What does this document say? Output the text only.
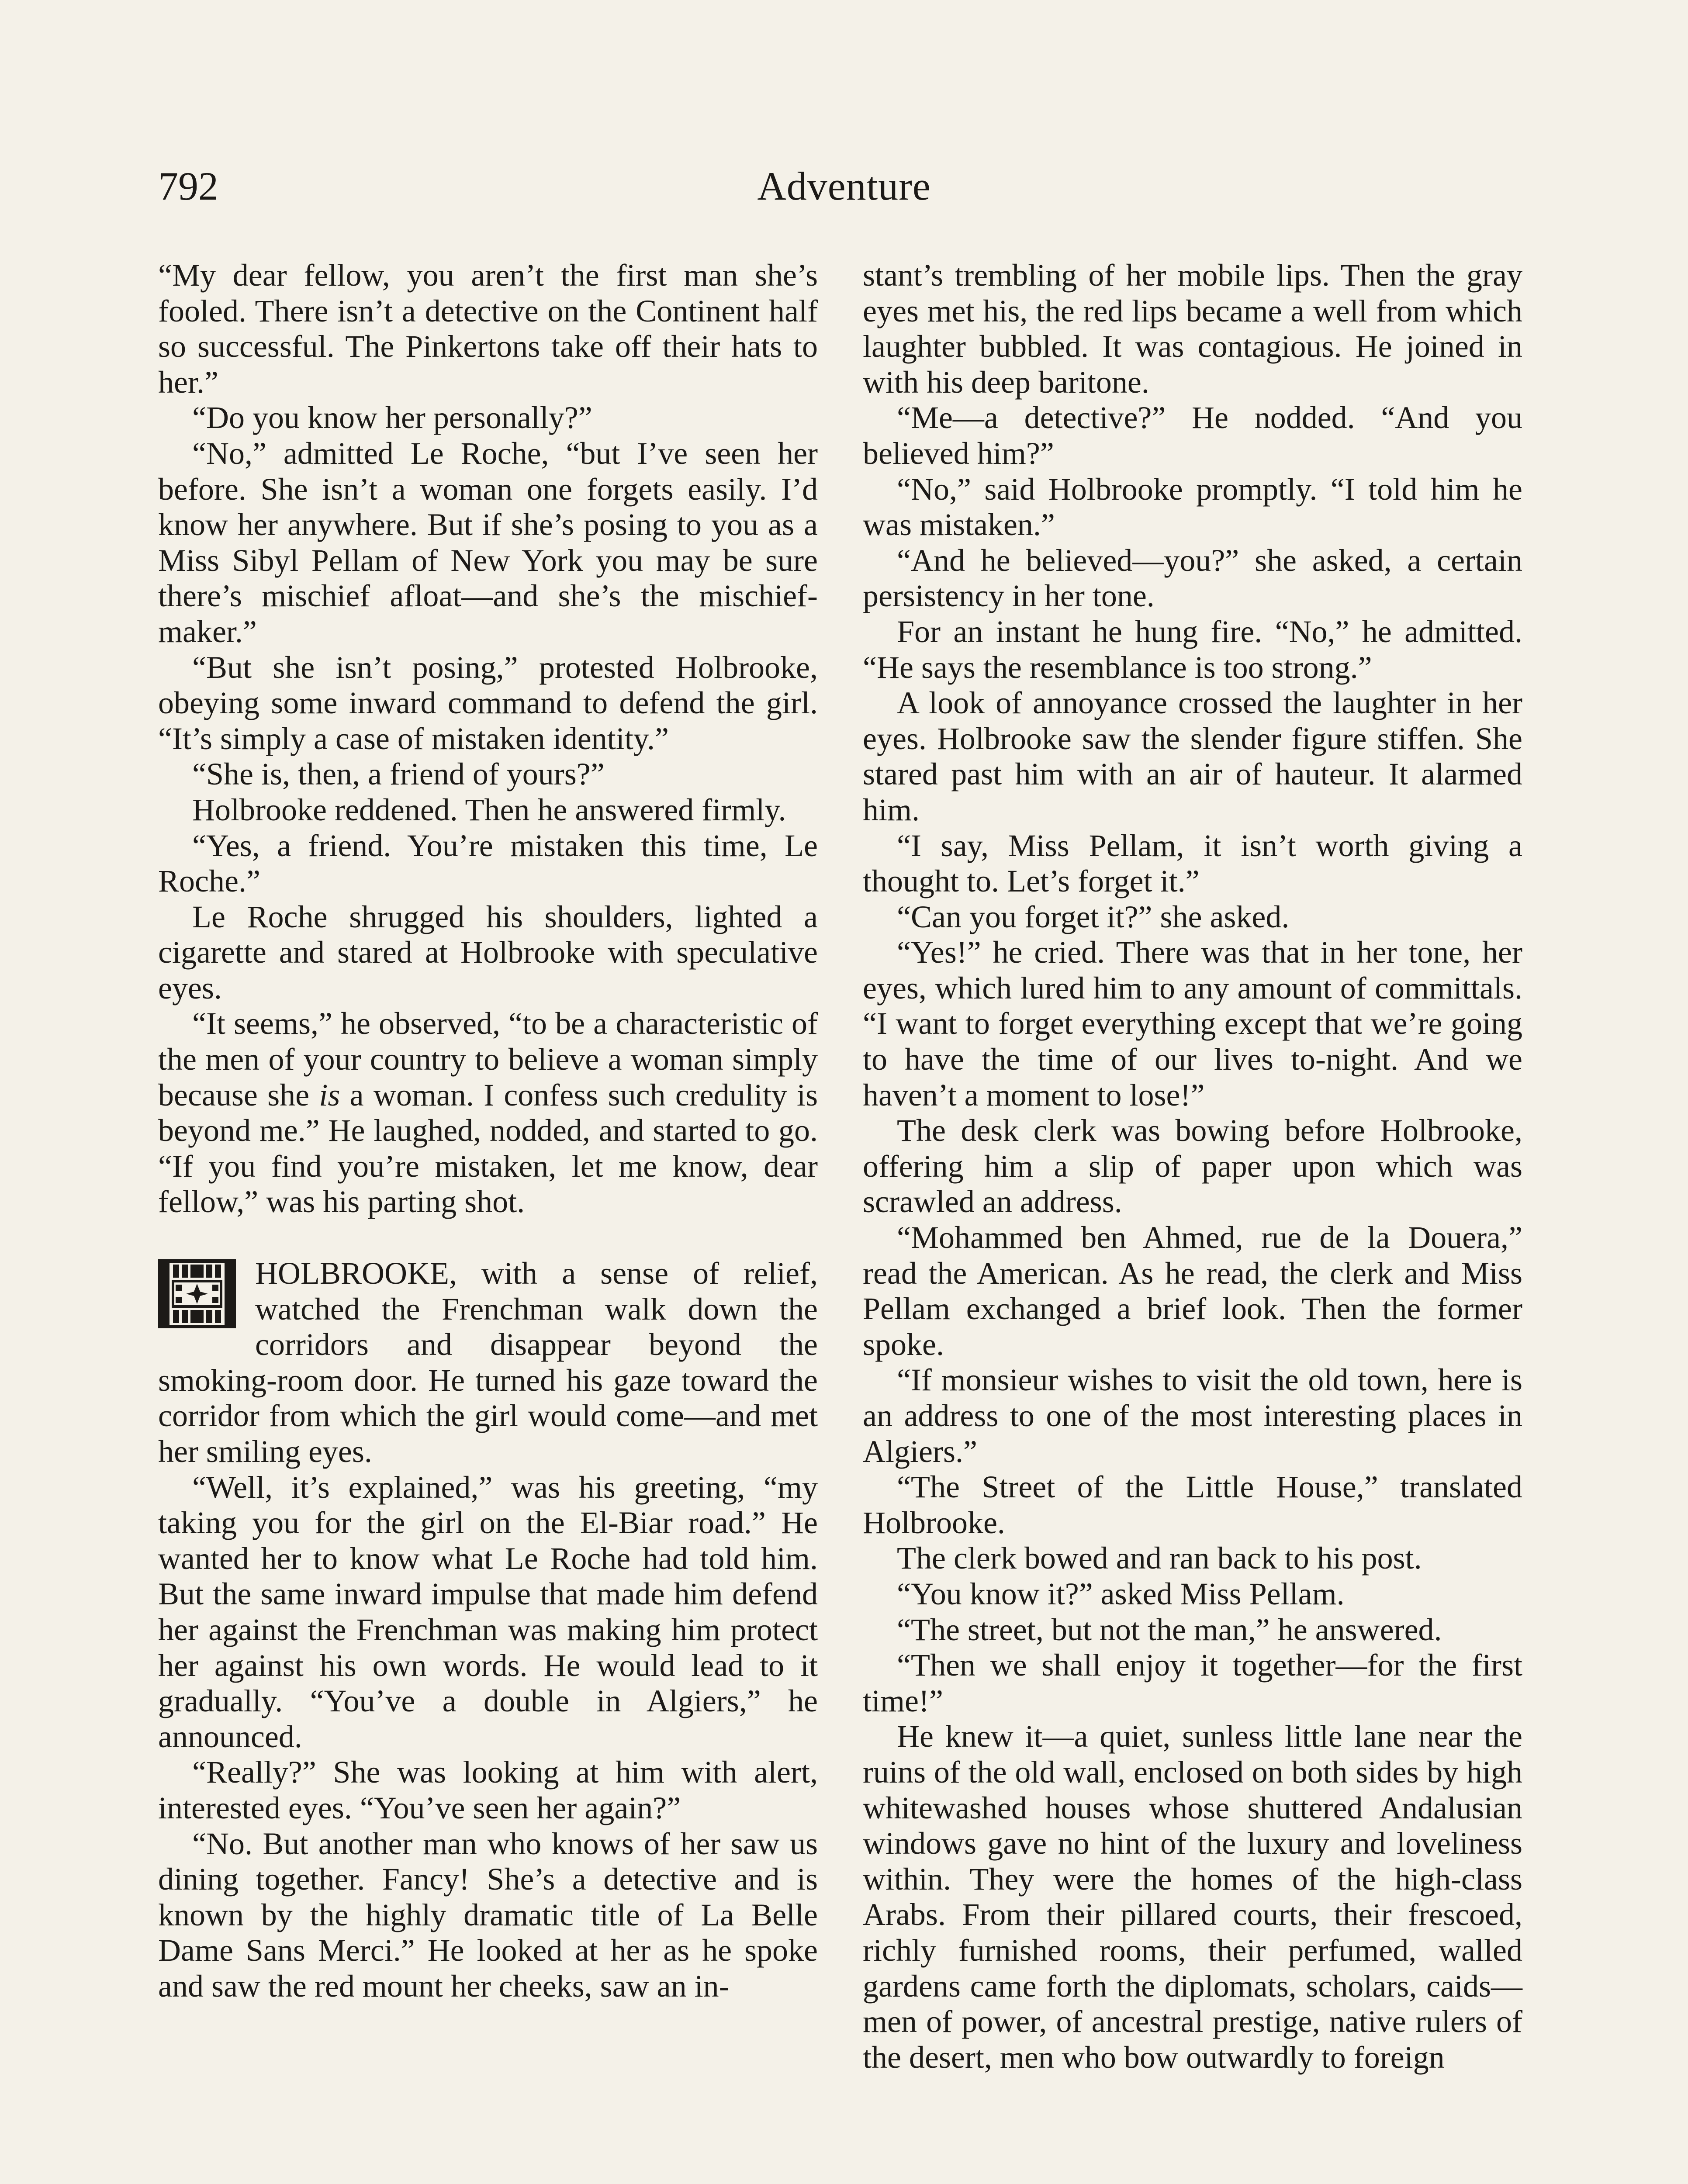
792	Adventure

“My dear fellow, you aren’t the first man she’s fooled. There isn’t a detective on the Continent half so successful. The Pinkertons take off their hats to her.”

“Do you know her personally?”

“No,” admitted Le Roche, “but I’ve seen her before. She isn’t a woman one forgets easily. I’d know her anywhere. But if she’s posing to you as a Miss Sibyl Pellam of New York you may be sure there’s mischief afloat—and she’s the mischief-maker.”

“But she isn’t posing,” protested Holbrooke, obeying some inward command to defend the girl. “It’s simply a case of mistaken identity.”

“She is, then, a friend of yours?”

Holbrooke reddened. Then he answered firmly.

“Yes, a friend. You’re mistaken this time, Le Roche.”

Le Roche shrugged his shoulders, lighted a cigarette and stared at Holbrooke with speculative eyes.

“It seems,” he observed, “to be a characteristic of the men of your country to believe a woman simply because she is a woman. I confess such credulity is beyond me.” He laughed, nodded, and started to go. “If you find you’re mistaken, let me know, dear fellow,” was his parting shot.

HOLBROOKE, with a sense of relief, watched the Frenchman walk down the corridors and disappear beyond the smoking-room door. He turned his gaze toward the corridor from which the girl would come—and met her smiling eyes.

“Well, it’s explained,” was his greeting, “my taking you for the girl on the El-Biar road.” He wanted her to know what Le Roche had told him. But the same inward impulse that made him defend her against the Frenchman was making him protect her against his own words. He would lead to it gradually. “You’ve a double in Algiers,” he announced.

“Really?” She was looking at him with alert, interested eyes. “You’ve seen her again?”

“No. But another man who knows of her saw us dining together. Fancy! She’s a detective and is known by the highly dramatic title of La Belle Dame Sans Merci.” He looked at her as he spoke and saw the red mount her cheeks, saw an in-

stant’s trembling of her mobile lips. Then the gray eyes met his, the red lips became a well from which laughter bubbled. It was contagious. He joined in with his deep baritone.

“Me—a detective?” He nodded. “And you believed him?”

“No,” said Holbrooke promptly. “I told him he was mistaken.”

“And he believed—you?” she asked, a certain persistency in her tone.

For an instant he hung fire. “No,” he admitted. “He says the resemblance is too strong.”

A look of annoyance crossed the laughter in her eyes. Holbrooke saw the slender figure stiffen. She stared past him with an air of hauteur. It alarmed him.

“I say, Miss Pellam, it isn’t worth giving a thought to. Let’s forget it.”

“Can you forget it?” she asked.

“Yes!” he cried. There was that in her tone, her eyes, which lured him to any amount of committals. “I want to forget everything except that we’re going to have the time of our lives to-night. And we haven’t a moment to lose!”

The desk clerk was bowing before Holbrooke, offering him a slip of paper upon which was scrawled an address.

“Mohammed ben Ahmed, rue de la Douera,” read the American. As he read, the clerk and Miss Pellam exchanged a brief look. Then the former spoke.

“If monsieur wishes to visit the old town, here is an address to one of the most interesting places in Algiers.”

“The Street of the Little House,” translated Holbrooke.

The clerk bowed and ran back to his post.

“You know it?” asked Miss Pellam.

“The street, but not the man,” he answered.

“Then we shall enjoy it together—for the first time!”

He knew it—a quiet, sunless little lane near the ruins of the old wall, enclosed on both sides by high whitewashed houses whose shuttered Andalusian windows gave no hint of the luxury and loveliness within. They were the homes of the high-class Arabs. From their pillared courts, their frescoed, richly furnished rooms, their perfumed, walled gardens came forth the diplomats, scholars, caids—men of power, of ancestral prestige, native rulers of the desert, men who bow outwardly to foreign
